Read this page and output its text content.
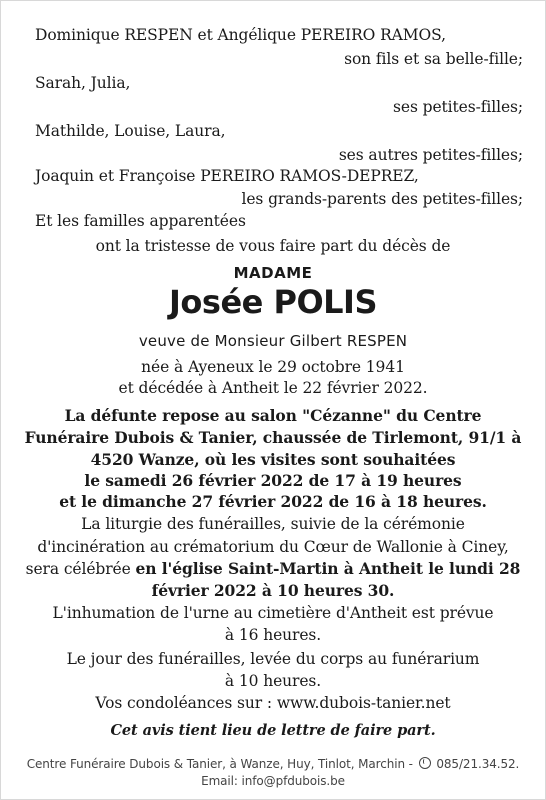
Dominique RESPEN et Angélique PEREIRO RAMOS,
son fils et sa belle-fille;
Sarah, Julia,
ses petites-filles;
Mathilde, Louise, Laura,
ses autres petites-filles;
Joaquin et Françoise PEREIRO RAMOS-DEPREZ,
les grands-parents des petites-filles;
Et les familles apparentées
ont la tristesse de vous faire part du décès de
MADAME
Josée POLIS
veuve de Monsieur Gilbert RESPEN
née à Ayeneux le 29 octobre 1941
et décédée à Antheit le 22 février 2022.
La défunte repose au salon "Cézanne" du Centre
Funéraire Dubois & Tanier, chaussée de Tirlemont, 91/1 à
4520 Wanze, où les visites sont souhaitées
le samedi 26 février 2022 de 17 à 19 heures
et le dimanche 27 février 2022 de 16 à 18 heures.
La liturgie des funérailles, suivie de la cérémonie
d'incinération au crématorium du Cœur de Wallonie à Ciney,
sera célébrée en l'église Saint-Martin à Antheit le lundi 28
février 2022 à 10 heures 30.
L'inhumation de l'urne au cimetière d'Antheit est prévue
à 16 heures.
Le jour des funérailles, levée du corps au funérarium
à 10 heures.
Vos condoléances sur : www.dubois-tanier.net
Cet avis tient lieu de lettre de faire part.
Centre Funéraire Dubois & Tanier, à Wanze, Huy, Tinlot, Marchin - 085/21.34.52.
Email: info@pfdubois.be
